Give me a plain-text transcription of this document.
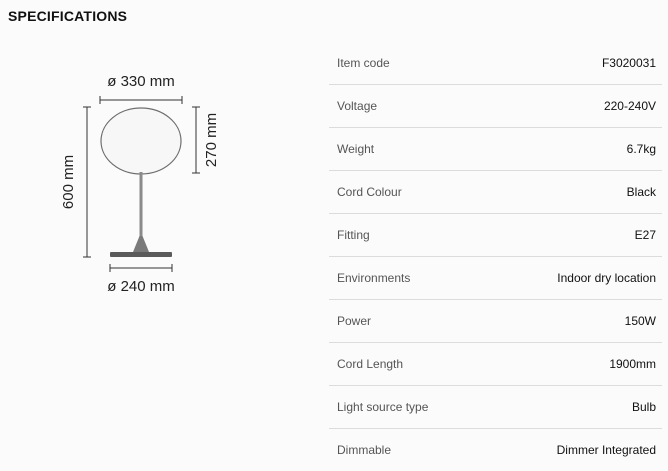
SPECIFICATIONS
ø 330 mm
270 mm
600 mm
ø 240 mm
Item code	F3020031
Voltage	220-240V
Weight	6.7kg
Cord Colour	Black
Fitting	E27
Environments	Indoor dry location
Power	150W
Cord Length	1900mm
Light source type	Bulb
Dimmable	Dimmer Integrated
